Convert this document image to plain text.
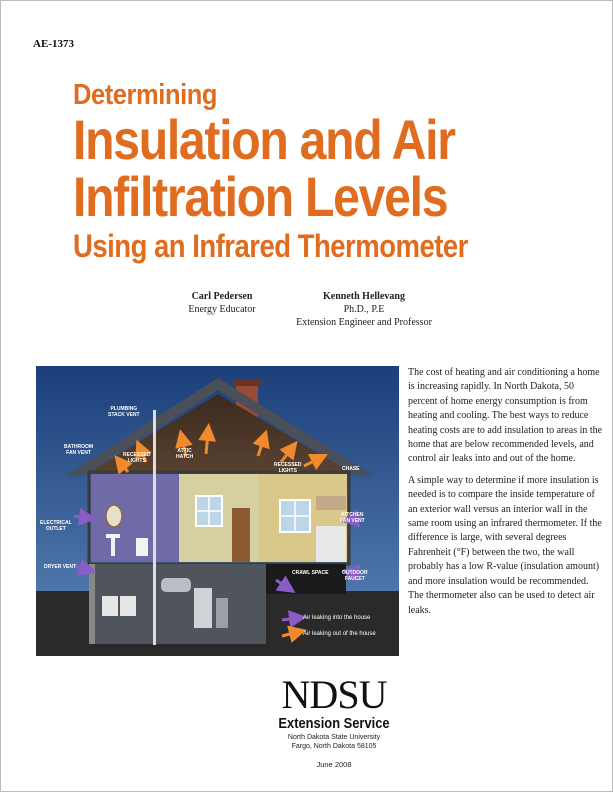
AE-1373
Determining
Insulation and Air
Infiltration Levels
Using an Infrared Thermometer
Carl Pedersen
Energy Educator
Kenneth Hellevang
Ph.D., P.E
Extension Engineer and Professor
PLUMBING
STACK VENT
BATHROOM
FAN VENT	RECESSED
LIGHTS
ATTIC
HATCH
RECESSED
LIGHTS	CHASE
ELECTRICAL
OUTLET
KITCHEN
FAN VENT
DRYER VENT
CRAWL SPACE	OUTDOOR
FAUCET
Air leaking into the house
Air leaking out of the house

The cost of heating and air conditioning a home is increasing rapidly. In North Dakota, 50 percent of home energy consumption is from heating and cooling. The best ways to reduce heating costs are to add insulation to areas in the home that are below recommended levels, and control air leaks into and out of the home.

A simple way to determine if more insulation is needed is to compare the inside temperature of an exterior wall versus an interior wall in the same room using an infrared thermometer. If the difference is large, with several degrees Fahrenheit (°F) between the two, the wall probably has a low R-value (insulation amount) and more insulation would be recommended. The thermometer also can be used to detect air leaks.

NDSU
Extension Service
North Dakota State University
Fargo, North Dakota 58105
June 2008
